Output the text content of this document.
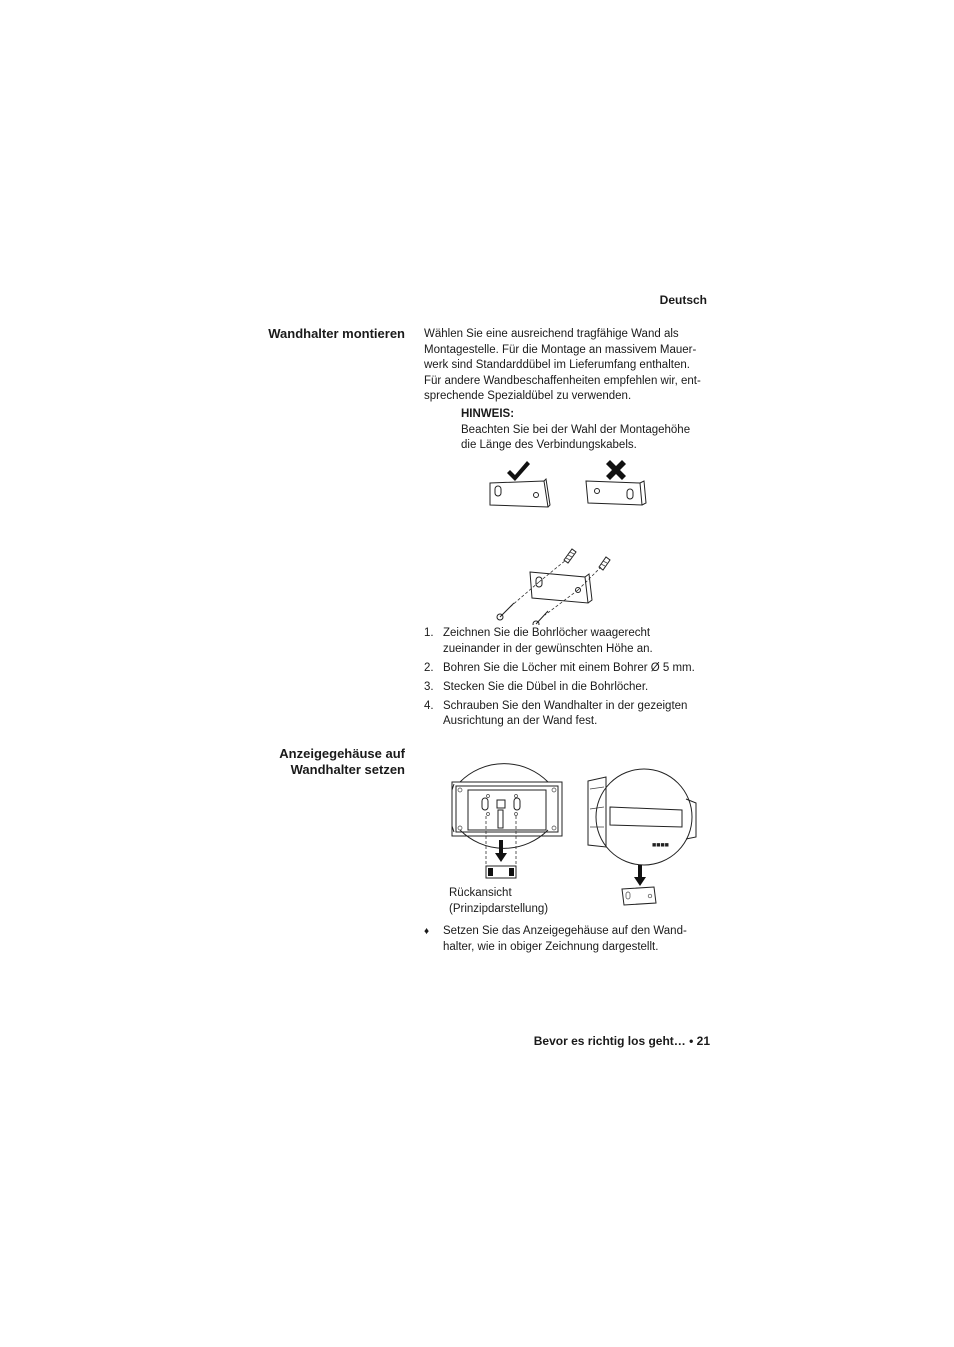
Deutsch
Wandhalter montieren Wählen Sie eine ausreichend tragfähige Wand als
Montagestelle. Für die Montage an massivem Mauer-
werk sind Standarddübel im Lieferumfang enthalten.
Für andere Wandbeschaffenheiten empfehlen wir, ent-
sprechende Spezialdübel zu verwenden.
HINWEIS:
Beachten Sie bei der Wahl der Montagehöhe
die Länge des Verbindungskabels.
1. Zeichnen Sie die Bohrlöcher waagerecht
zueinander in der gewünschten Höhe an.
2. Bohren Sie die Löcher mit einem Bohrer Ø 5 mm.
3. Stecken Sie die Dübel in die Bohrlöcher.
4. Schrauben Sie den Wandhalter in der gezeigten
Ausrichtung an der Wand fest.
Anzeigegehäuse auf
Wandhalter setzen
■■■■
Rückansicht
(Prinzipdarstellung)
♦ Setzen Sie das Anzeigegehäuse auf den Wand-
halter, wie in obiger Zeichnung dargestellt.
Bevor es richtig los geht… • 21
